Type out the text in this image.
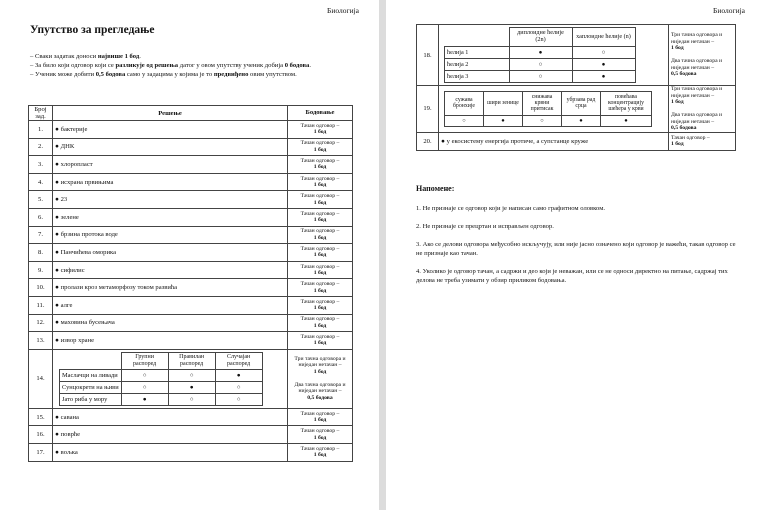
Биологија
Упутство за прегледање
– Сваки задатак доноси највише 1 бод.
– За било који одговор који се разликује од решења датог у овом упутству ученик добија 0 бодова.
– Ученик може добити 0,5 бодова само у задацима у којима је то предвиђено овим упутством.
Број зад.	Решење	Бодовање
1.	● бактерије	Тачан одговор –
1 бод
2.	● ДНК	Тачан одговор –
1 бод
3.	● хлоропласт	Тачан одговор –
1 бод
4.	● исхрана првињима	Тачан одговор –
1 бод
5.	● 23	Тачан одговор –
1 бод
6.	● зелене	Тачан одговор –
1 бод
7.	● брзина протока воде	Тачан одговор –
1 бод
8.	● Панчићева оморика	Тачан одговор –
1 бод
9.	● сифилис	Тачан одговор –
1 бод
10.	● пролази кроз метаморфозу током развића	Тачан одговор –
1 бод
11.	● алге	Тачан одговор –
1 бод
12.	● маховина бусењача	Тачан одговор –
1 бод
13.	● извор хране	Тачан одговор –
1 бод
14.	
	Групни распоред	Правилан распоред	Случајан распоред
Маслачци на ливади	○	○	●
Сунцокрети на њиви	○	●	○
Јато риба у мору	●	○	○
	Три тачна одговора и ниједан нетачан –
1 бод

Два тачна одговора и ниједан нетачан –
0,5 бодова
15.	● савана	Тачан одговор –
1 бод
16.	● поврће	Тачан одговор –
1 бод
17.	● вољка	Тачан одговор –
1 бод
Биологија
18.	
	диплоидне ћелије (2n)	хаплоидне ћелије (n)
ћелија 1	●	○
ћелија 2	○	●
ћелија 3	○	●
	Три тачна одговора и ниједан нетачан –
1 бод

Два тачна одговора и ниједан нетачан –
0,5 бодова
19.	
сужава бронхије	шири зенице	снижава крвни притисак	убрзава рад срца	повећава концентрацију шећера у крви
○	●	○	●	●
	Три тачна одговора и ниједан нетачан –
1 бод

Два тачна одговора и ниједан нетачан –
0,5 бодова
20.	● у екосистему енергија протиче, а супстанце круже	Тачан одговор –
1 бод
Напомене:

1. Не признаје се одговор који је написан само графитном оловком.

2. Не признаје се прецртан и исправљен одговор.

3. Ако се делови одговора међусобно искључују, или није јасно означено који одговор је важећи, такав одговор се не признаје као тачан.

4. Уколико је одговор тачан, а садржи и део који је неважан, или се не односи директно на питање, садржај тих делова не треба узимати у обзир приликом бодовања.
